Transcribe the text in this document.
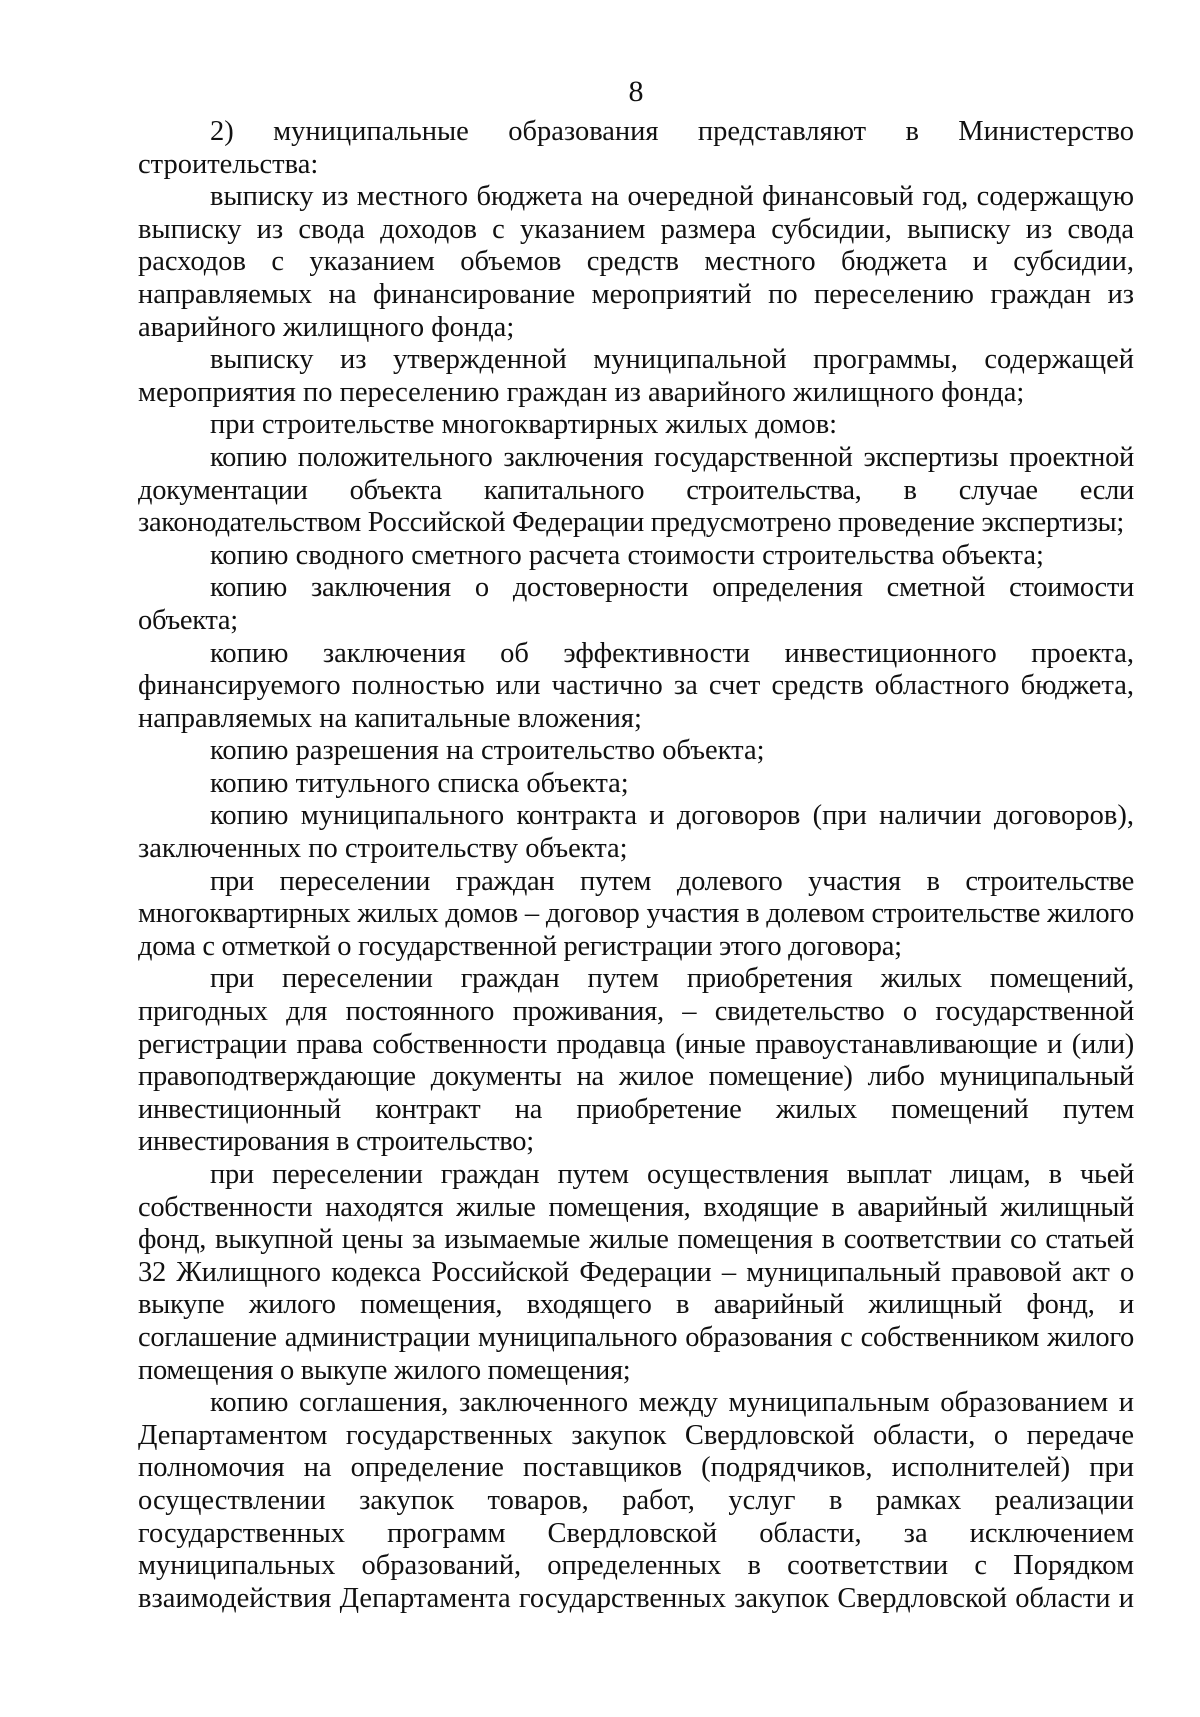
8

2) муниципальные образования представляют в Министерство строительства:

выписку из местного бюджета на очередной финансовый год, содержащую выписку из свода доходов с указанием размера субсидии, выписку из свода расходов с указанием объемов средств местного бюджета и субсидии, направляемых на финансирование мероприятий по переселению граждан из аварийного жилищного фонда;

выписку из утвержденной муниципальной программы, содержащей мероприятия по переселению граждан из аварийного жилищного фонда;

при строительстве многоквартирных жилых домов:

копию положительного заключения государственной экспертизы проектной документации объекта капитального строительства, в случае если законодательством Российской Федерации предусмотрено проведение экспертизы;

копию сводного сметного расчета стоимости строительства объекта;

копию заключения о достоверности определения сметной стоимости объекта;

копию заключения об эффективности инвестиционного проекта, финансируемого полностью или частично за счет средств областного бюджета, направляемых на капитальные вложения;

копию разрешения на строительство объекта;

копию титульного списка объекта;

копию муниципального контракта и договоров (при наличии договоров), заключенных по строительству объекта;

при переселении граждан путем долевого участия в строительстве многоквартирных жилых домов – договор участия в долевом строительстве жилого дома с отметкой о государственной регистрации этого договора;

при переселении граждан путем приобретения жилых помещений, пригодных для постоянного проживания, – свидетельство о государственной регистрации права собственности продавца (иные правоустанавливающие и (или) правоподтверждающие документы на жилое помещение) либо муниципальный инвестиционный контракт на приобретение жилых помещений путем инвестирования в строительство;

при переселении граждан путем осуществления выплат лицам, в чьей собственности находятся жилые помещения, входящие в аварийный жилищный фонд, выкупной цены за изымаемые жилые помещения в соответствии со статьей 32 Жилищного кодекса Российской Федерации – муниципальный правовой акт о выкупе жилого помещения, входящего в аварийный жилищный фонд, и соглашение администрации муниципального образования с собственником жилого помещения о выкупе жилого помещения;

копию соглашения, заключенного между муниципальным образованием и Департаментом государственных закупок Свердловской области, о передаче полномочия на определение поставщиков (подрядчиков, исполнителей) при осуществлении закупок товаров, работ, услуг в рамках реализации государственных программ Свердловской области, за исключением муниципальных образований, определенных в соответствии с Порядком взаимодействия Департамента государственных закупок Свердловской области и
